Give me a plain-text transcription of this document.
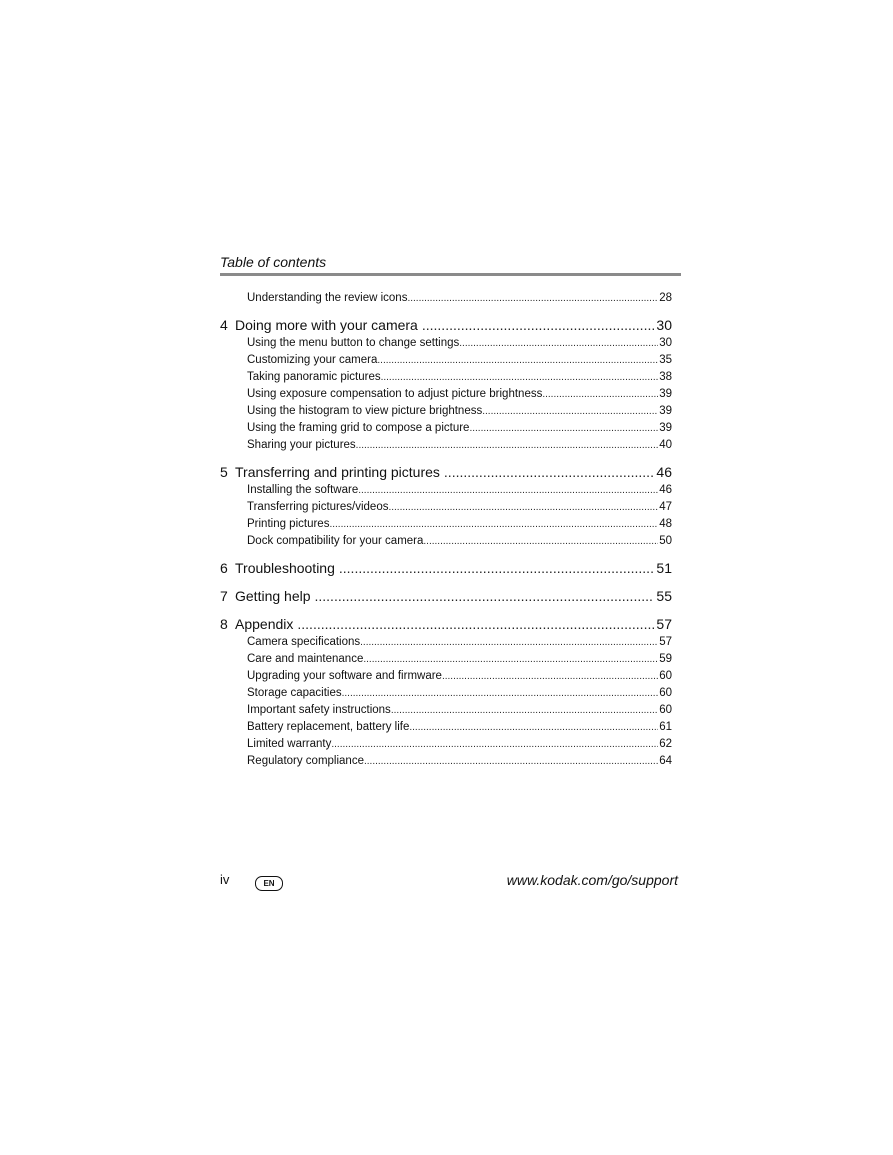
Table of contents
Understanding the review icons .....	28
4 Doing more with your camera .....	30
Using the menu button to change settings .....	30
Customizing your camera .....	35
Taking panoramic pictures .....	38
Using exposure compensation to adjust picture brightness .....	39
Using the histogram to view picture brightness .....	39
Using the framing grid to compose a picture .....	39
Sharing your pictures .....	40
5 Transferring and printing pictures .....	46
Installing the software .....	46
Transferring pictures/videos .....	47
Printing pictures .....	48
Dock compatibility for your camera .....	50
6 Troubleshooting .....	51
7 Getting help .....	55
8 Appendix .....	57
Camera specifications .....	57
Care and maintenance .....	59
Upgrading your software and firmware .....	60
Storage capacities .....	60
Important safety instructions .....	60
Battery replacement, battery life .....	61
Limited warranty .....	62
Regulatory compliance .....	64
iv	EN	www.kodak.com/go/support
